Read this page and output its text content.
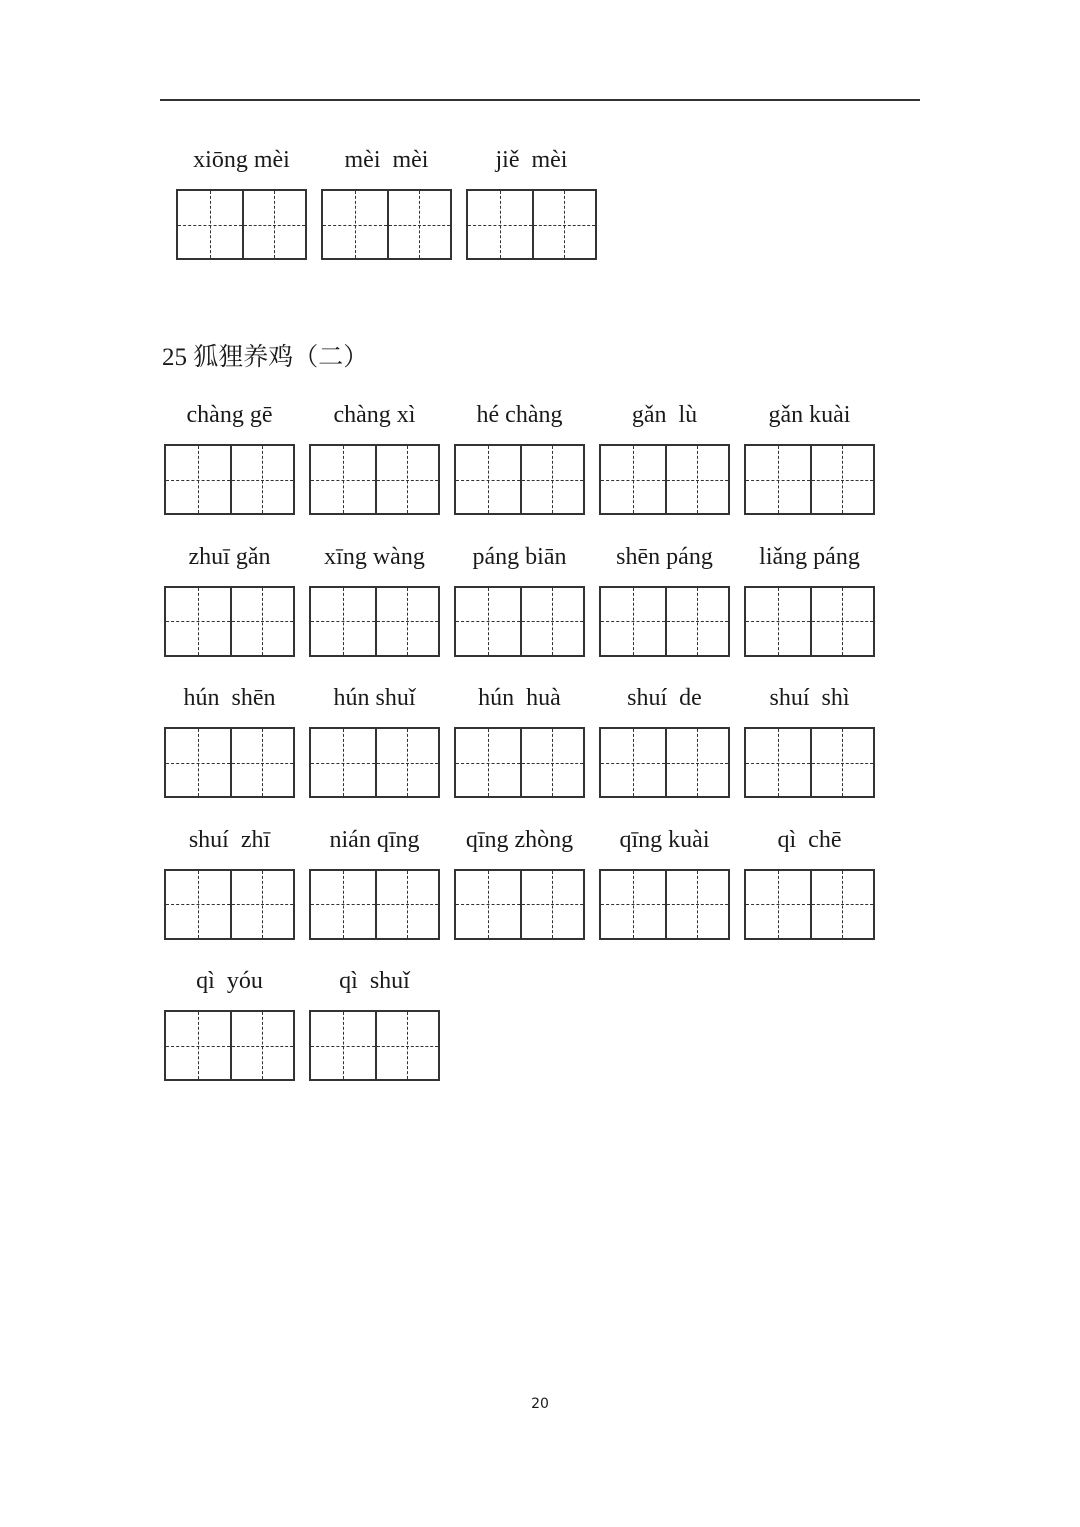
xiōng mèi	mèi  mèi	jiě  mèi
25 狐狸养鸡（二）
chàng gē	chàng xì	hé chàng	gǎn  lù	gǎn kuài
zhuī gǎn	xīng wàng	páng biān	shēn páng	liǎng páng
hún  shēn	hún shuǐ	hún  huà	shuí  de	shuí  shì
shuí  zhī	nián qīng	qīng zhòng	qīng kuài	qì  chē
qì  yóu	qì  shuǐ
20
